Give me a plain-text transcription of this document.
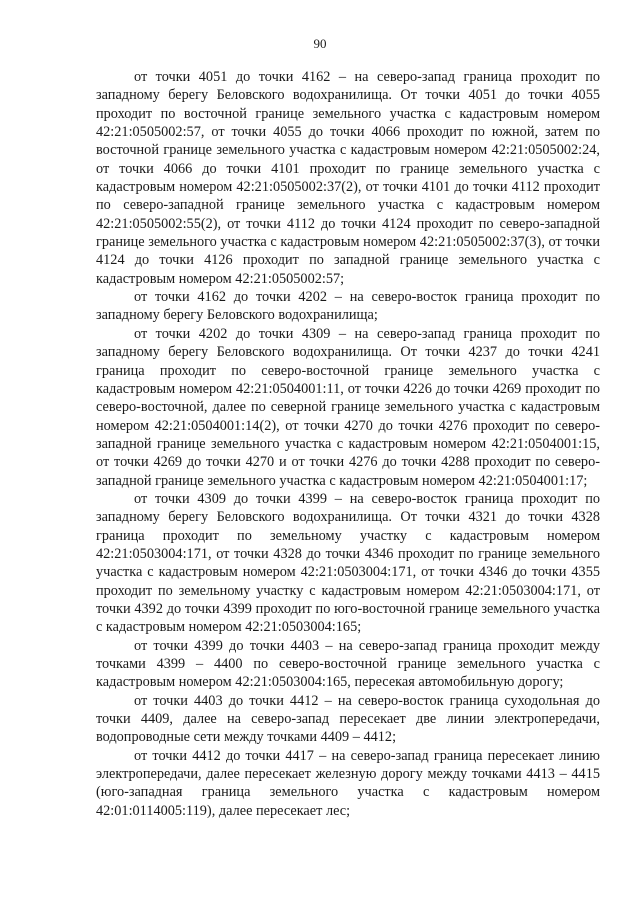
90

от точки 4051 до точки 4162 – на северо-запад граница проходит по западному берегу Беловского водохранилища. От точки 4051 до точки 4055 проходит по восточной границе земельного участка с кадастровым номером 42:21:0505002:57, от точки 4055 до точки 4066 проходит по южной, затем по восточной границе земельного участка с кадастровым номером 42:21:0505002:24, от точки 4066 до точки 4101 проходит по границе земельного участка с кадастровым номером 42:21:0505002:37(2), от точки 4101 до точки 4112 проходит по северо-западной границе земельного участка с кадастровым номером 42:21:0505002:55(2), от точки 4112 до точки 4124 проходит по северо-западной границе земельного участка с кадастровым номером 42:21:0505002:37(3), от точки 4124 до точки 4126 проходит по западной границе земельного участка с кадастровым номером 42:21:0505002:57;

от точки 4162 до точки 4202 – на северо-восток граница проходит по западному берегу Беловского водохранилища;

от точки 4202 до точки 4309 – на северо-запад граница проходит по западному берегу Беловского водохранилища. От точки 4237 до точки 4241 граница проходит по северо-восточной границе земельного участка с кадастровым номером 42:21:0504001:11, от точки 4226 до точки 4269 проходит по северо-восточной, далее по северной границе земельного участка с кадастровым номером 42:21:0504001:14(2), от точки 4270 до точки 4276 проходит по северо-западной границе земельного участка с кадастровым номером 42:21:0504001:15, от точки 4269 до точки 4270 и от точки 4276 до точки 4288 проходит по северо-западной границе земельного участка с кадастровым номером 42:21:0504001:17;

от точки 4309 до точки 4399 – на северо-восток граница проходит по западному берегу Беловского водохранилища. От точки 4321 до точки 4328 граница проходит по земельному участку с кадастровым номером 42:21:0503004:171, от точки 4328 до точки 4346 проходит по границе земельного участка с кадастровым номером 42:21:0503004:171, от точки 4346 до точки 4355 проходит по земельному участку с кадастровым номером 42:21:0503004:171, от точки 4392 до точки 4399 проходит по юго-восточной границе земельного участка с кадастровым номером 42:21:0503004:165;

от точки 4399 до точки 4403 – на северо-запад граница проходит между точками 4399 – 4400 по северо-восточной границе земельного участка с кадастровым номером 42:21:0503004:165, пересекая автомобильную дорогу;

от точки 4403 до точки 4412 – на северо-восток граница суходольная до точки 4409, далее на северо-запад пересекает две линии электропередачи, водопроводные сети между точками 4409 – 4412;

от точки 4412 до точки 4417 – на северо-запад граница пересекает линию электропередачи, далее пересекает железную дорогу между точками 4413 – 4415 (юго-западная граница земельного участка с кадастровым номером 42:01:0114005:119), далее пересекает лес;
